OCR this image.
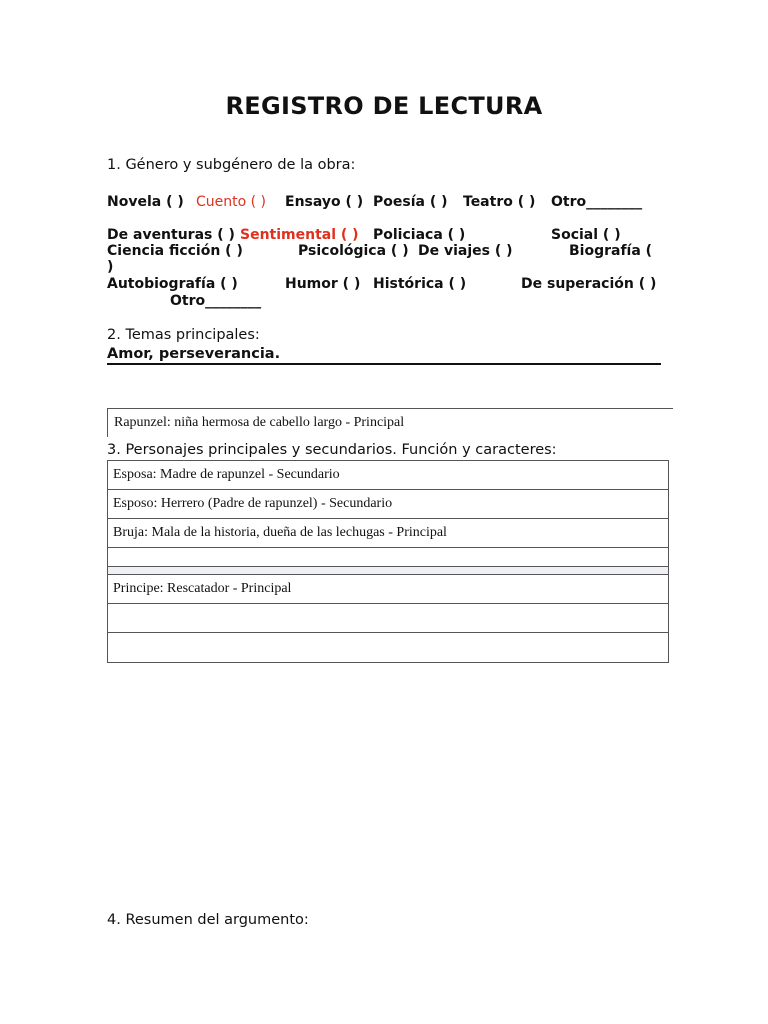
REGISTRO DE LECTURA
1. Género y subgénero de la obra:
Novela ( ) Cuento ( ) Ensayo ( ) Poesía ( ) Teatro ( ) Otro________
De aventuras ( ) Sentimental ( ) Policiaca ( )	Social ( )
Ciencia ficción ( )	Psicológica ( ) De viajes ( )	Biografía (
)
Autobiografía ( )	Humor ( ) Histórica ( )	De superación ( )
Otro________
2. Temas principales:
Amor, perseverancia.
Rapunzel: niña hermosa de cabello largo - Principal
3. Personajes principales y secundarios. Función y caracteres:
Esposa: Madre de rapunzel - Secundario
Esposo: Herrero (Padre de rapunzel) - Secundario
Bruja: Mala de la historia, dueña de las lechugas - Principal
Principe: Rescatador - Principal
4. Resumen del argumento:
